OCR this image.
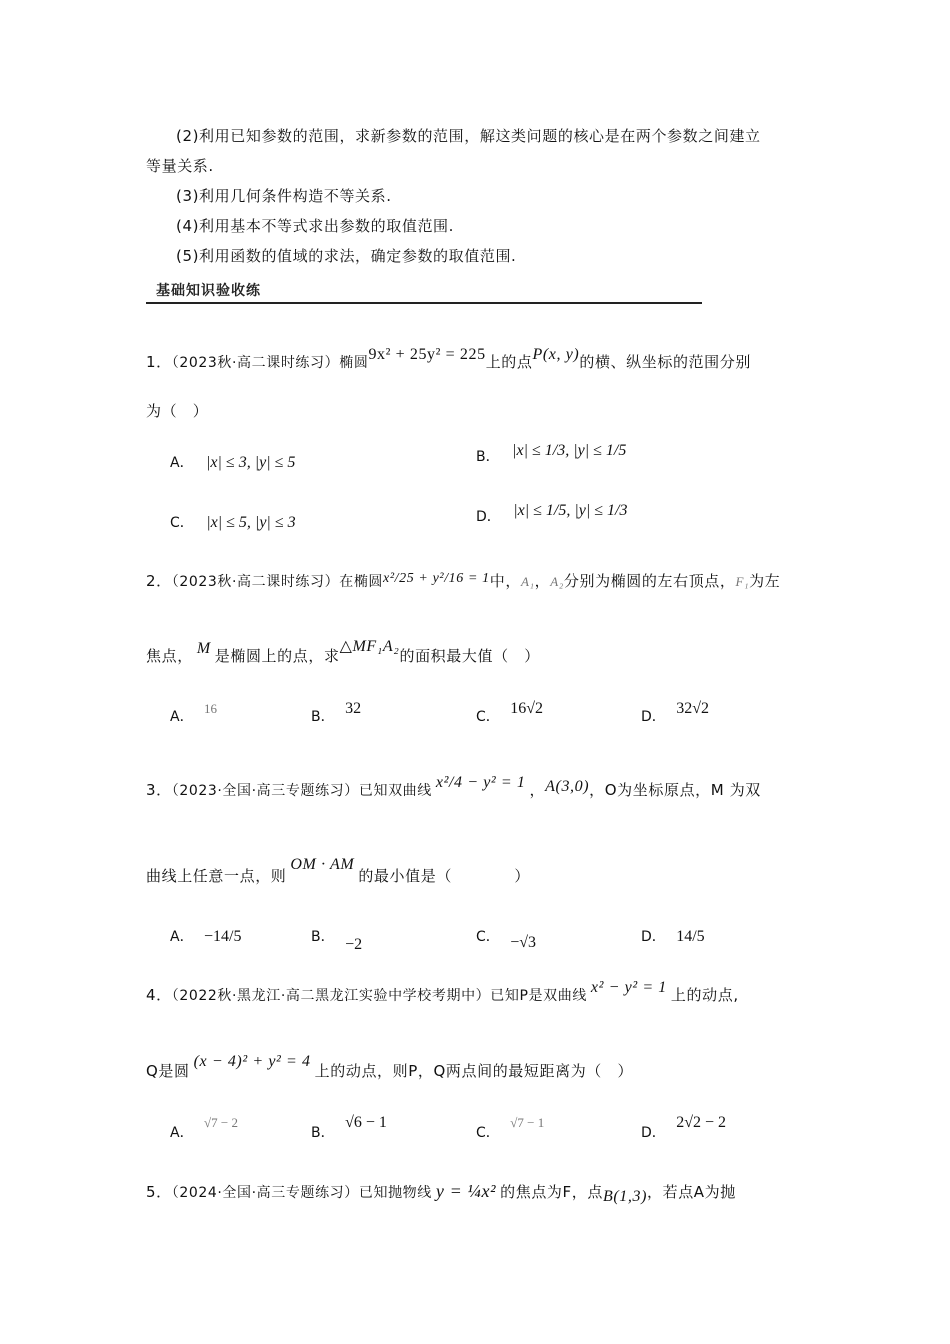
(2)利用已知参数的范围，求新参数的范围，解这类问题的核心是在两个参数之间建立
等量关系.
(3)利用几何条件构造不等关系.
(4)利用基本不等式求出参数的取值范围.
(5)利用函数的值域的求法，确定参数的取值范围.
基础知识验收练
1．（2023秋·高二课时练习）椭圆9x² + 25y² = 225上的点P(x, y)的横、纵坐标的范围分别
为（　）
A． |x| ≤ 3, |y| ≤ 5	B． |x| ≤ 1/3, |y| ≤ 1/5
C． |x| ≤ 5, |y| ≤ 3	D． |x| ≤ 1/5, |y| ≤ 1/3
2．（2023秋·高二课时练习）在椭圆x²/25 + y²/16 = 1中，A₁，A₂分别为椭圆的左右顶点，F₁为左
焦点， M 是椭圆上的点，求△MF₁A₂的面积最大值（　）
A． 16
B． 32	C． 16√2	D． 32√2
3．（2023·全国·高三专题练习）已知双曲线 x²/4 − y² = 1 ，A(3,0)，O为坐标原点，M 为双
曲线上任意一点，则OM · AM的最小值是（　　　　）
A． −14/5	B． −2	C． −√3	D． 14/5
4．（2022秋·黑龙江·高二黑龙江实验中学校考期中）已知P是双曲线 x² − y² = 1 上的动点,
Q是圆(x − 4)² + y² = 4上的动点，则P，Q两点间的最短距离为（　）
A． √7 − 2
B． √6 − 1
C． √7 − 1
D． 2√2 − 2
5．（2024·全国·高三专题练习）已知抛物线 y = ¼x² 的焦点为F，点B(1,3)，若点A为抛
